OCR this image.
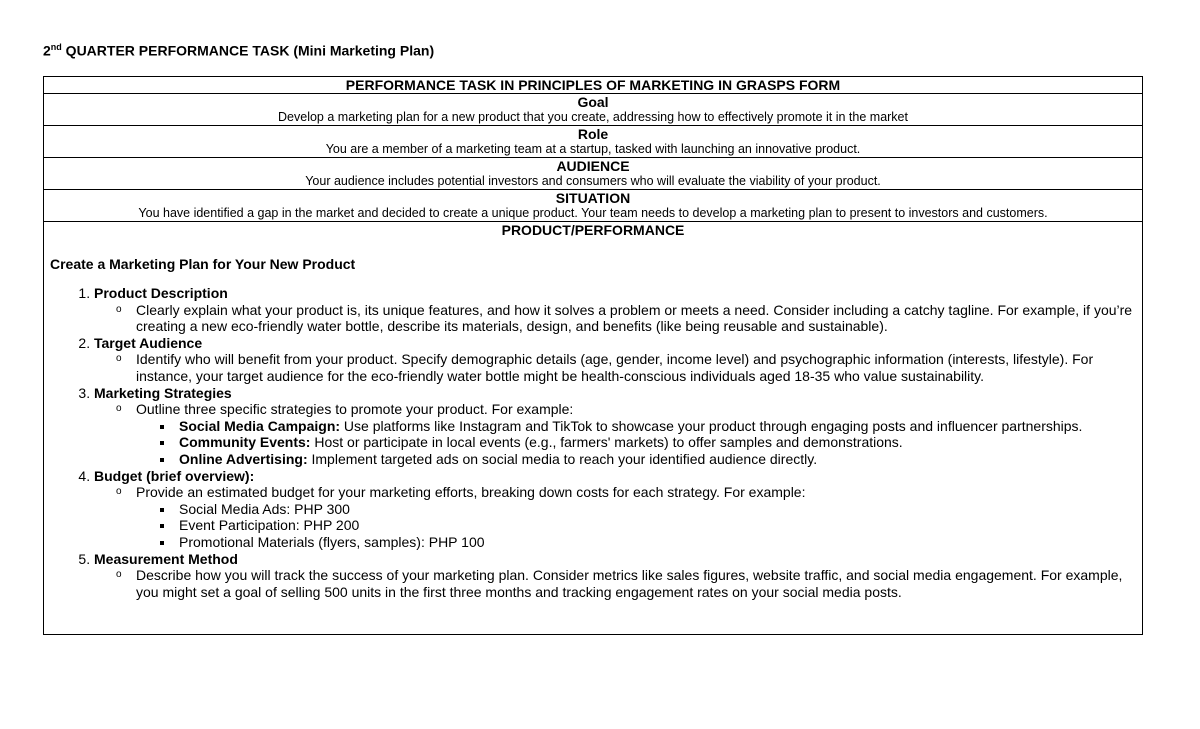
2nd QUARTER PERFORMANCE TASK (Mini Marketing Plan)
PERFORMANCE TASK IN PRINCIPLES OF MARKETING IN GRASPS FORM
Goal
Develop a marketing plan for a new product that you create, addressing how to effectively promote it in the market
Role
You are a member of a marketing team at a startup, tasked with launching an innovative product.
AUDIENCE
Your audience includes potential investors and consumers who will evaluate the viability of your product.
SITUATION
You have identified a gap in the market and decided to create a unique product. Your team needs to develop a marketing plan to present to investors and customers.
PRODUCT/PERFORMANCE
Create a Marketing Plan for Your New Product
1. Product Description
o Clearly explain what your product is, its unique features, and how it solves a problem or meets a need. Consider including a catchy tagline. For example, if you’re creating a new eco-friendly water bottle, describe its materials, design, and benefits (like being reusable and sustainable).
2. Target Audience
o Identify who will benefit from your product. Specify demographic details (age, gender, income level) and psychographic information (interests, lifestyle). For instance, your target audience for the eco-friendly water bottle might be health-conscious individuals aged 18-35 who value sustainability.
3. Marketing Strategies
o Outline three specific strategies to promote your product. For example:
Social Media Campaign: Use platforms like Instagram and TikTok to showcase your product through engaging posts and influencer partnerships.
Community Events: Host or participate in local events (e.g., farmers' markets) to offer samples and demonstrations.
Online Advertising: Implement targeted ads on social media to reach your identified audience directly.
4. Budget (brief overview):
o Provide an estimated budget for your marketing efforts, breaking down costs for each strategy. For example:
Social Media Ads: PHP 300
Event Participation: PHP 200
Promotional Materials (flyers, samples): PHP 100
5. Measurement Method
o Describe how you will track the success of your marketing plan. Consider metrics like sales figures, website traffic, and social media engagement. For example, you might set a goal of selling 500 units in the first three months and tracking engagement rates on your social media posts.
